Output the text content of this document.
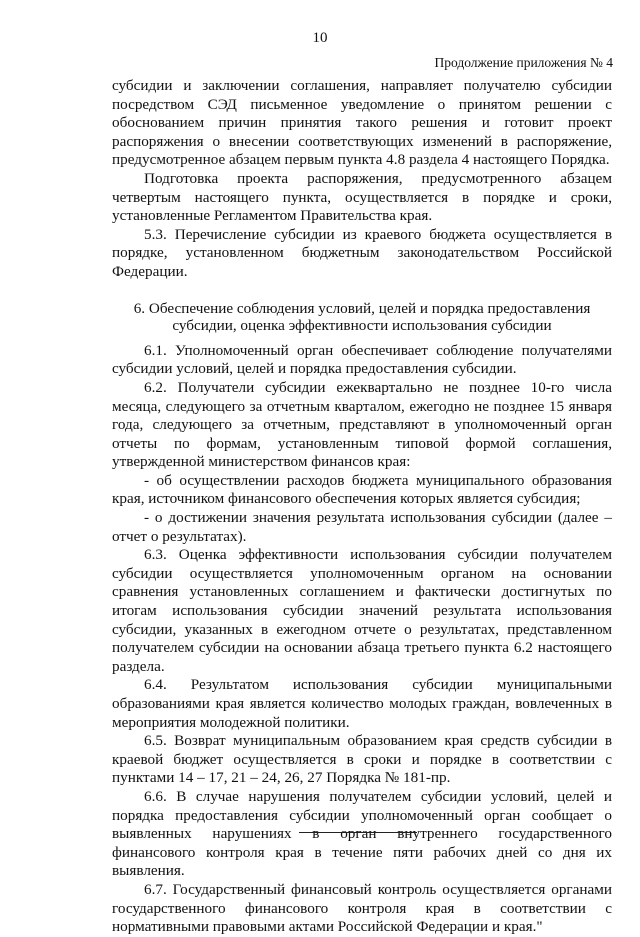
10
Продолжение приложения № 4

субсидии и заключении соглашения, направляет получателю субсидии посредством СЭД письменное уведомление о принятом решении с обоснованием причин принятия такого решения и готовит проект распоряжения о внесении соответствующих изменений в распоряжение, предусмотренное абзацем первым пункта 4.8 раздела 4 настоящего Порядка.

Подготовка проекта распоряжения, предусмотренного абзацем четвертым настоящего пункта, осуществляется в порядке и сроки, установленные Регламентом Правительства края.

5.3. Перечисление субсидии из краевого бюджета осуществляется в порядке, установленном бюджетным законодательством Российской Федерации.

6. Обеспечение соблюдения условий, целей и порядка предоставления субсидии, оценка эффективности использования субсидии

6.1. Уполномоченный орган обеспечивает соблюдение получателями субсидии условий, целей и порядка предоставления субсидии.

6.2. Получатели субсидии ежеквартально не позднее 10-го числа месяца, следующего за отчетным кварталом, ежегодно не позднее 15 января года, следующего за отчетным, представляют в уполномоченный орган отчеты по формам, установленным типовой формой соглашения, утвержденной министерством финансов края:

- об осуществлении расходов бюджета муниципального образования края, источником финансового обеспечения которых является субсидия;

- о достижении значения результата использования субсидии (далее – отчет о результатах).

6.3. Оценка эффективности использования субсидии получателем субсидии осуществляется уполномоченным органом на основании сравнения установленных соглашением и фактически достигнутых по итогам использования субсидии значений результата использования субсидии, указанных в ежегодном отчете о результатах, представленном получателем субсидии на основании абзаца третьего пункта 6.2 настоящего раздела.

6.4. Результатом использования субсидии муниципальными образованиями края является количество молодых граждан, вовлеченных в мероприятия молодежной политики.

6.5. Возврат муниципальным образованием края средств субсидии в краевой бюджет осуществляется в сроки и порядке в соответствии с пунктами 14 – 17, 21 – 24, 26, 27 Порядка № 181-пр.

6.6. В случае нарушения получателем субсидии условий, целей и порядка предоставления субсидии уполномоченный орган сообщает о выявленных нарушениях в орган внутреннего государственного финансового контроля края в течение пяти рабочих дней со дня их выявления.

6.7. Государственный финансовый контроль осуществляется органами государственного финансового контроля края в соответствии с нормативными правовыми актами Российской Федерации и края."
